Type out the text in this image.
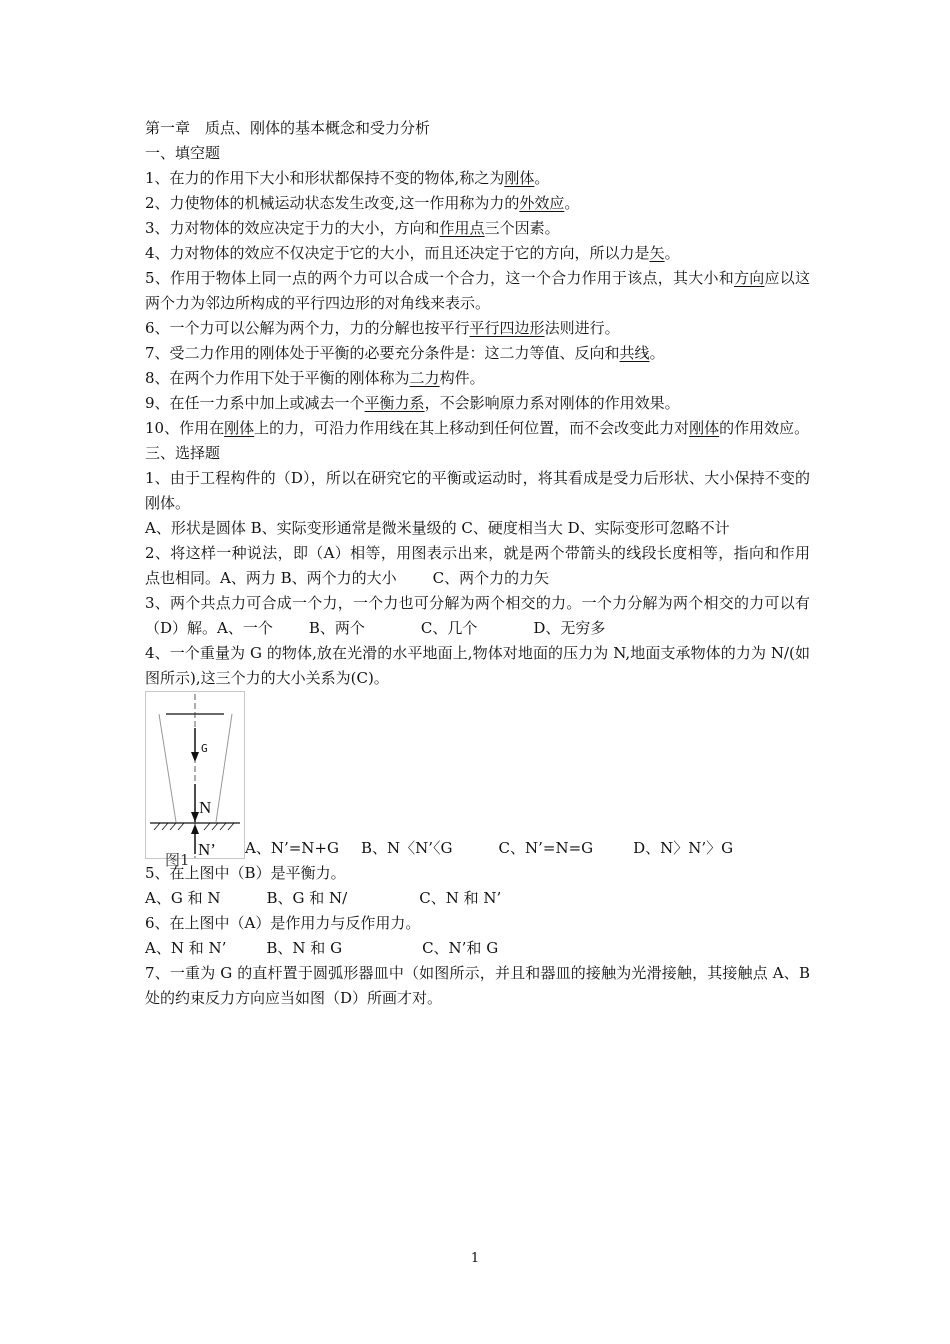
第一章　质点、刚体的基本概念和受力分析
一、填空题
1、在力的作用下大小和形状都保持不变的物体,称之为刚体。
2、力使物体的机械运动状态发生改变,这一作用称为力的外效应。
3、力对物体的效应决定于力的大小，方向和作用点三个因素。
4、力对物体的效应不仅决定于它的大小，而且还决定于它的方向，所以力是矢。
5、作用于物体上同一点的两个力可以合成一个合力，这一个合力作用于该点，其大小和方向应以这两个力为邻边所构成的平行四边形的对角线来表示。
6、一个力可以公解为两个力，力的分解也按平行平行四边形法则进行。
7、受二力作用的刚体处于平衡的必要充分条件是：这二力等值、反向和共线。
8、在两个力作用下处于平衡的刚体称为二力构件。
9、在任一力系中加上或减去一个平衡力系，不会影响原力系对刚体的作用效果。
10、作用在刚体上的力，可沿力作用线在其上移动到任何位置，而不会改变此力对刚体的作用效应。
三、选择题
1、由于工程构件的（D），所以在研究它的平衡或运动时，将其看成是受力后形状、大小保持不变的刚体。
A、形状是圆体 B、实际变形通常是微米量级的 C、硬度相当大 D、实际变形可忽略不计
2、将这样一种说法，即（A）相等，用图表示出来，就是两个带箭头的线段长度相等，指向和作用点也相同。A、两力 B、两个力的大小 C、两个力的力矢
3、两个共点力可合成一个力，一个力也可分解为两个相交的力。一个力分解为两个相交的力可以有（D）解。A、一个 B、两个	C、几个	D、无穷多
4、一个重量为 G 的物体,放在光滑的水平地面上,物体对地面的压力为 N,地面支承物体的力为 N/(如图所示),这三个力的大小关系为(C)。
G
N
N’ A、N’=N+G B、N〈N’〈G	C、N’=N=G	D、N〉N’〉G
图1
5、在上图中（B）是平衡力。
A、G 和 N	B、G 和 N/	C、N 和 N’
6、在上图中（A）是作用力与反作用力。
A、N 和 N’	B、N 和 G	C、N’和 G
7、一重为 G 的直杆置于圆弧形器皿中（如图所示，并且和器皿的接触为光滑接触，其接触点 A、B 处的约束反力方向应当如图（D）所画才对。
1
